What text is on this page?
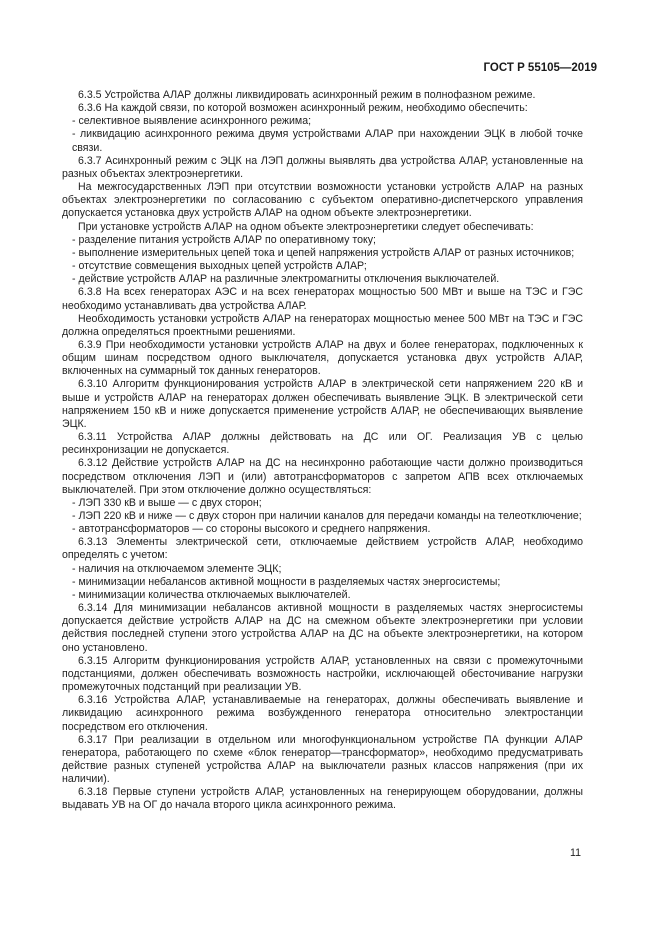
ГОСТ Р 55105—2019

6.3.5 Устройства АЛАР должны ликвидировать асинхронный режим в полнофазном режиме.

6.3.6 На каждой связи, по которой возможен асинхронный режим, необходимо обеспечить:

- селективное выявление асинхронного режима;

- ликвидацию асинхронного режима двумя устройствами АЛАР при нахождении ЭЦК в любой точке связи.

6.3.7 Асинхронный режим с ЭЦК на ЛЭП должны выявлять два устройства АЛАР, установленные на разных объектах электроэнергетики.

На межгосударственных ЛЭП при отсутствии возможности установки устройств АЛАР на разных объектах электроэнергетики по согласованию с субъектом оперативно-диспетчерского управления допускается установка двух устройств АЛАР на одном объекте электроэнергетики.

При установке устройств АЛАР на одном объекте электроэнергетики следует обеспечивать:

- разделение питания устройств АЛАР по оперативному току;

- выполнение измерительных цепей тока и цепей напряжения устройств АЛАР от разных источников;

- отсутствие совмещения выходных цепей устройств АЛАР;

- действие устройств АЛАР на различные электромагниты отключения выключателей.

6.3.8 На всех генераторах АЭС и на всех генераторах мощностью 500 МВт и выше на ТЭС и ГЭС необходимо устанавливать два устройства АЛАР.

Необходимость установки устройств АЛАР на генераторах мощностью менее 500 МВт на ТЭС и ГЭС должна определяться проектными решениями.

6.3.9 При необходимости установки устройств АЛАР на двух и более генераторах, подключенных к общим шинам посредством одного выключателя, допускается установка двух устройств АЛАР, включенных на суммарный ток данных генераторов.

6.3.10 Алгоритм функционирования устройств АЛАР в электрической сети напряжением 220 кВ и выше и устройств АЛАР на генераторах должен обеспечивать выявление ЭЦК. В электрической сети напряжением 150 кВ и ниже допускается применение устройств АЛАР, не обеспечивающих выявление ЭЦК.

6.3.11 Устройства АЛАР должны действовать на ДС или ОГ. Реализация УВ с целью ресинхронизации не допускается.

6.3.12 Действие устройств АЛАР на ДС на несинхронно работающие части должно производиться посредством отключения ЛЭП и (или) автотрансформаторов с запретом АПВ всех отключаемых выключателей. При этом отключение должно осуществляться:

- ЛЭП 330 кВ и выше — с двух сторон;

- ЛЭП 220 кВ и ниже — с двух сторон при наличии каналов для передачи команды на телеотключение;

- автотрансформаторов — со стороны высокого и среднего напряжения.

6.3.13 Элементы электрической сети, отключаемые действием устройств АЛАР, необходимо определять с учетом:

- наличия на отключаемом элементе ЭЦК;

- минимизации небалансов активной мощности в разделяемых частях энергосистемы;

- минимизации количества отключаемых выключателей.

6.3.14 Для минимизации небалансов активной мощности в разделяемых частях энергосистемы допускается действие устройств АЛАР на ДС на смежном объекте электроэнергетики при условии действия последней ступени этого устройства АЛАР на ДС на объекте электроэнергетики, на котором оно установлено.

6.3.15 Алгоритм функционирования устройств АЛАР, установленных на связи с промежуточными подстанциями, должен обеспечивать возможность настройки, исключающей обесточивание нагрузки промежуточных подстанций при реализации УВ.

6.3.16 Устройства АЛАР, устанавливаемые на генераторах, должны обеспечивать выявление и ликвидацию асинхронного режима возбужденного генератора относительно электростанции посредством его отключения.

6.3.17 При реализации в отдельном или многофункциональном устройстве ПА функции АЛАР генератора, работающего по схеме «блок генератор—трансформатор», необходимо предусматривать действие разных ступеней устройства АЛАР на выключатели разных классов напряжения (при их наличии).

6.3.18 Первые ступени устройств АЛАР, установленных на генерирующем оборудовании, должны выдавать УВ на ОГ до начала второго цикла асинхронного режима.

11
